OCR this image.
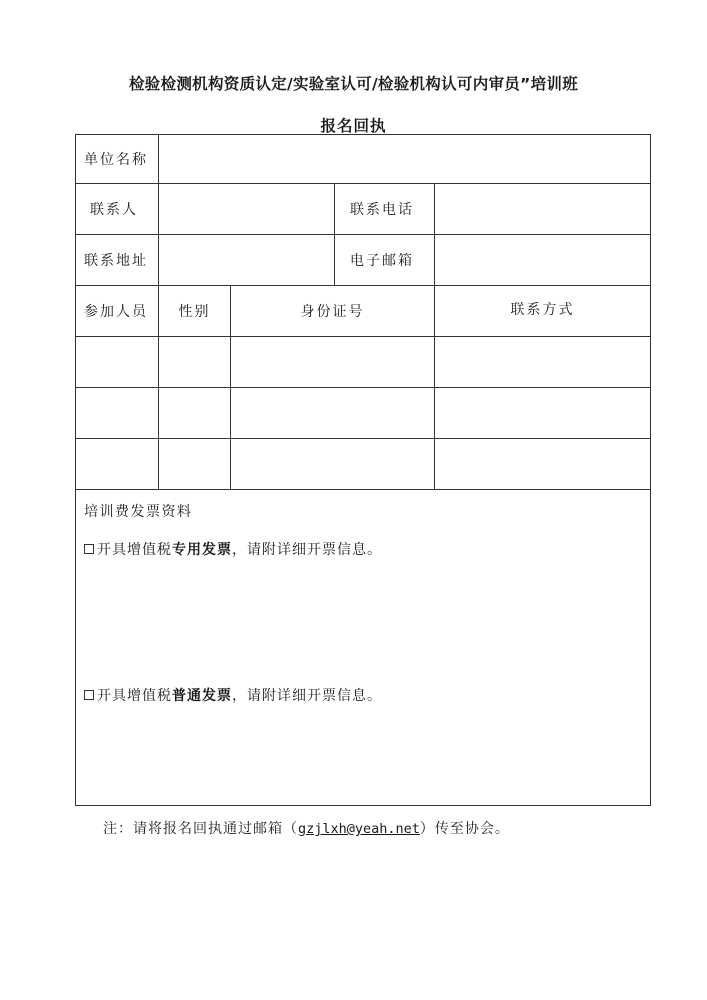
检验检测机构资质认定/实验室认可/检验机构认可内审员”培训班
报名回执
单位名称
联系人	联系电话
联系地址	电子邮箱
参加人员	性别	身份证号	联系方式
培训费发票资料
开具增值税 专用发票 ，请附详细开票信息。
开具增值税 普通发票 ，请附详细开票信息。
注：请将报名回执通过邮箱（gzjlxh@yeah.net）传至协会。
